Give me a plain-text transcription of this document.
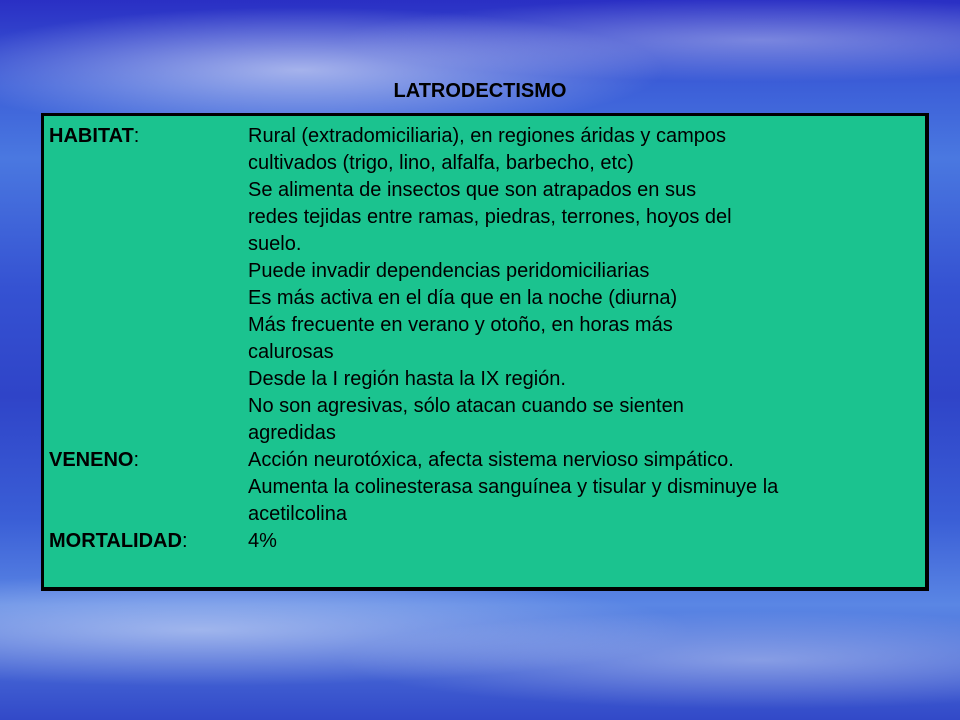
LATRODECTISMO
HABITAT:	Rural (extradomiciliaria), en regiones áridas y campos
cultivados (trigo, lino, alfalfa, barbecho, etc)
Se alimenta de insectos que son atrapados en sus
redes tejidas entre ramas, piedras, terrones, hoyos del
suelo.
Puede invadir dependencias peridomiciliarias
Es más activa en el día que en la noche (diurna)
Más frecuente en verano y otoño, en horas más
calurosas
Desde la I región hasta la IX región.
No son agresivas, sólo atacan cuando se sienten
agredidas
VENENO:	Acción neurotóxica, afecta sistema nervioso simpático.
Aumenta la colinesterasa sanguínea y tisular y disminuye la
acetilcolina
MORTALIDAD:	4%
